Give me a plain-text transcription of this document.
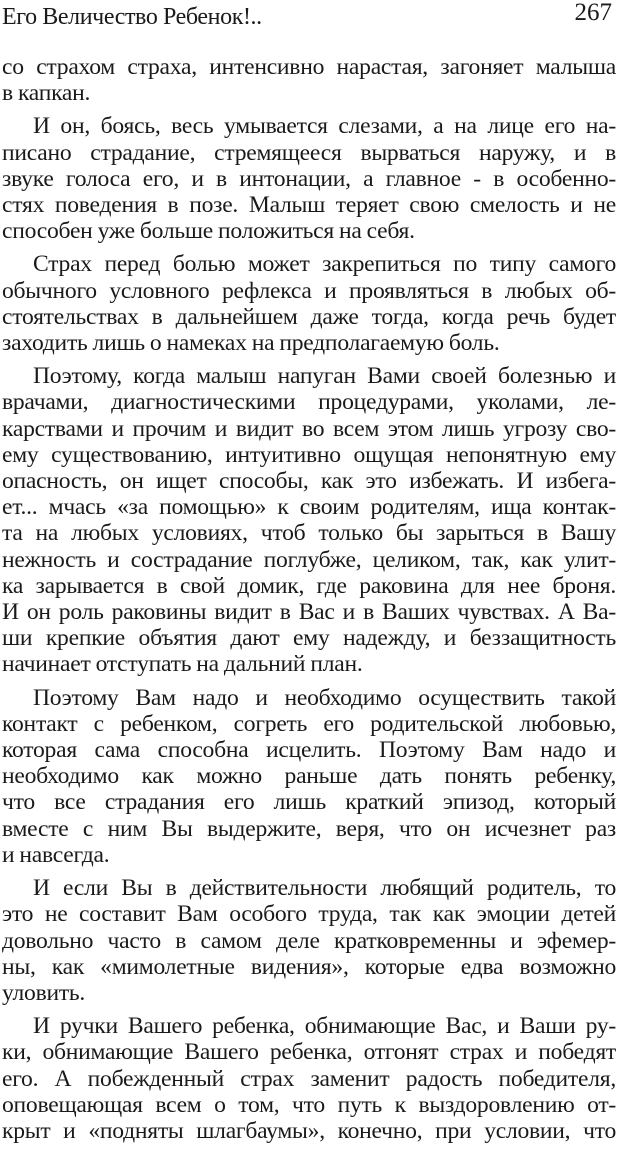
Его Величество Ребенок!..	267
со страхом страха, интенсивно нарастая, загоняет малыша
в капкан.
И он, боясь, весь умывается слезами, а на лице его на-
писано страдание, стремящееся вырваться наружу, и в
звуке голоса его, и в интонации, а главное - в особенно-
стях поведения в позе. Малыш теряет свою смелость и не
способен уже больше положиться на себя.
Страх перед болью может закрепиться по типу самого
обычного условного рефлекса и проявляться в любых об-
стоятельствах в дальнейшем даже тогда, когда речь будет
заходить лишь о намеках на предполагаемую боль.
Поэтому, когда малыш напуган Вами своей болезнью и
врачами, диагностическими процедурами, уколами, ле-
карствами и прочим и видит во всем этом лишь угрозу сво-
ему существованию, интуитивно ощущая непонятную ему
опасность, он ищет способы, как это избежать. И избега-
ет... мчась «за помощью» к своим родителям, ища контак-
та на любых условиях, чтоб только бы зарыться в Вашу
нежность и сострадание поглубже, целиком, так, как улит-
ка зарывается в свой домик, где раковина для нее броня.
И он роль раковины видит в Вас и в Ваших чувствах. А Ва-
ши крепкие объятия дают ему надежду, и беззащитность
начинает отступать на дальний план.
Поэтому Вам надо и необходимо осуществить такой
контакт с ребенком, согреть его родительской любовью,
которая сама способна исцелить. Поэтому Вам надо и
необходимо как можно раньше дать понять ребенку,
что все страдания его лишь краткий эпизод, который
вместе с ним Вы выдержите, веря, что он исчезнет раз
и навсегда.
И если Вы в действительности любящий родитель, то
это не составит Вам особого труда, так как эмоции детей
довольно часто в самом деле кратковременны и эфемер-
ны, как «мимолетные видения», которые едва возможно
уловить.
И ручки Вашего ребенка, обнимающие Вас, и Ваши ру-
ки, обнимающие Вашего ребенка, отгонят страх и победят
его. А побежденный страх заменит радость победителя,
оповещающая всем о том, что путь к выздоровлению от-
крыт и «подняты шлагбаумы», конечно, при условии, что
